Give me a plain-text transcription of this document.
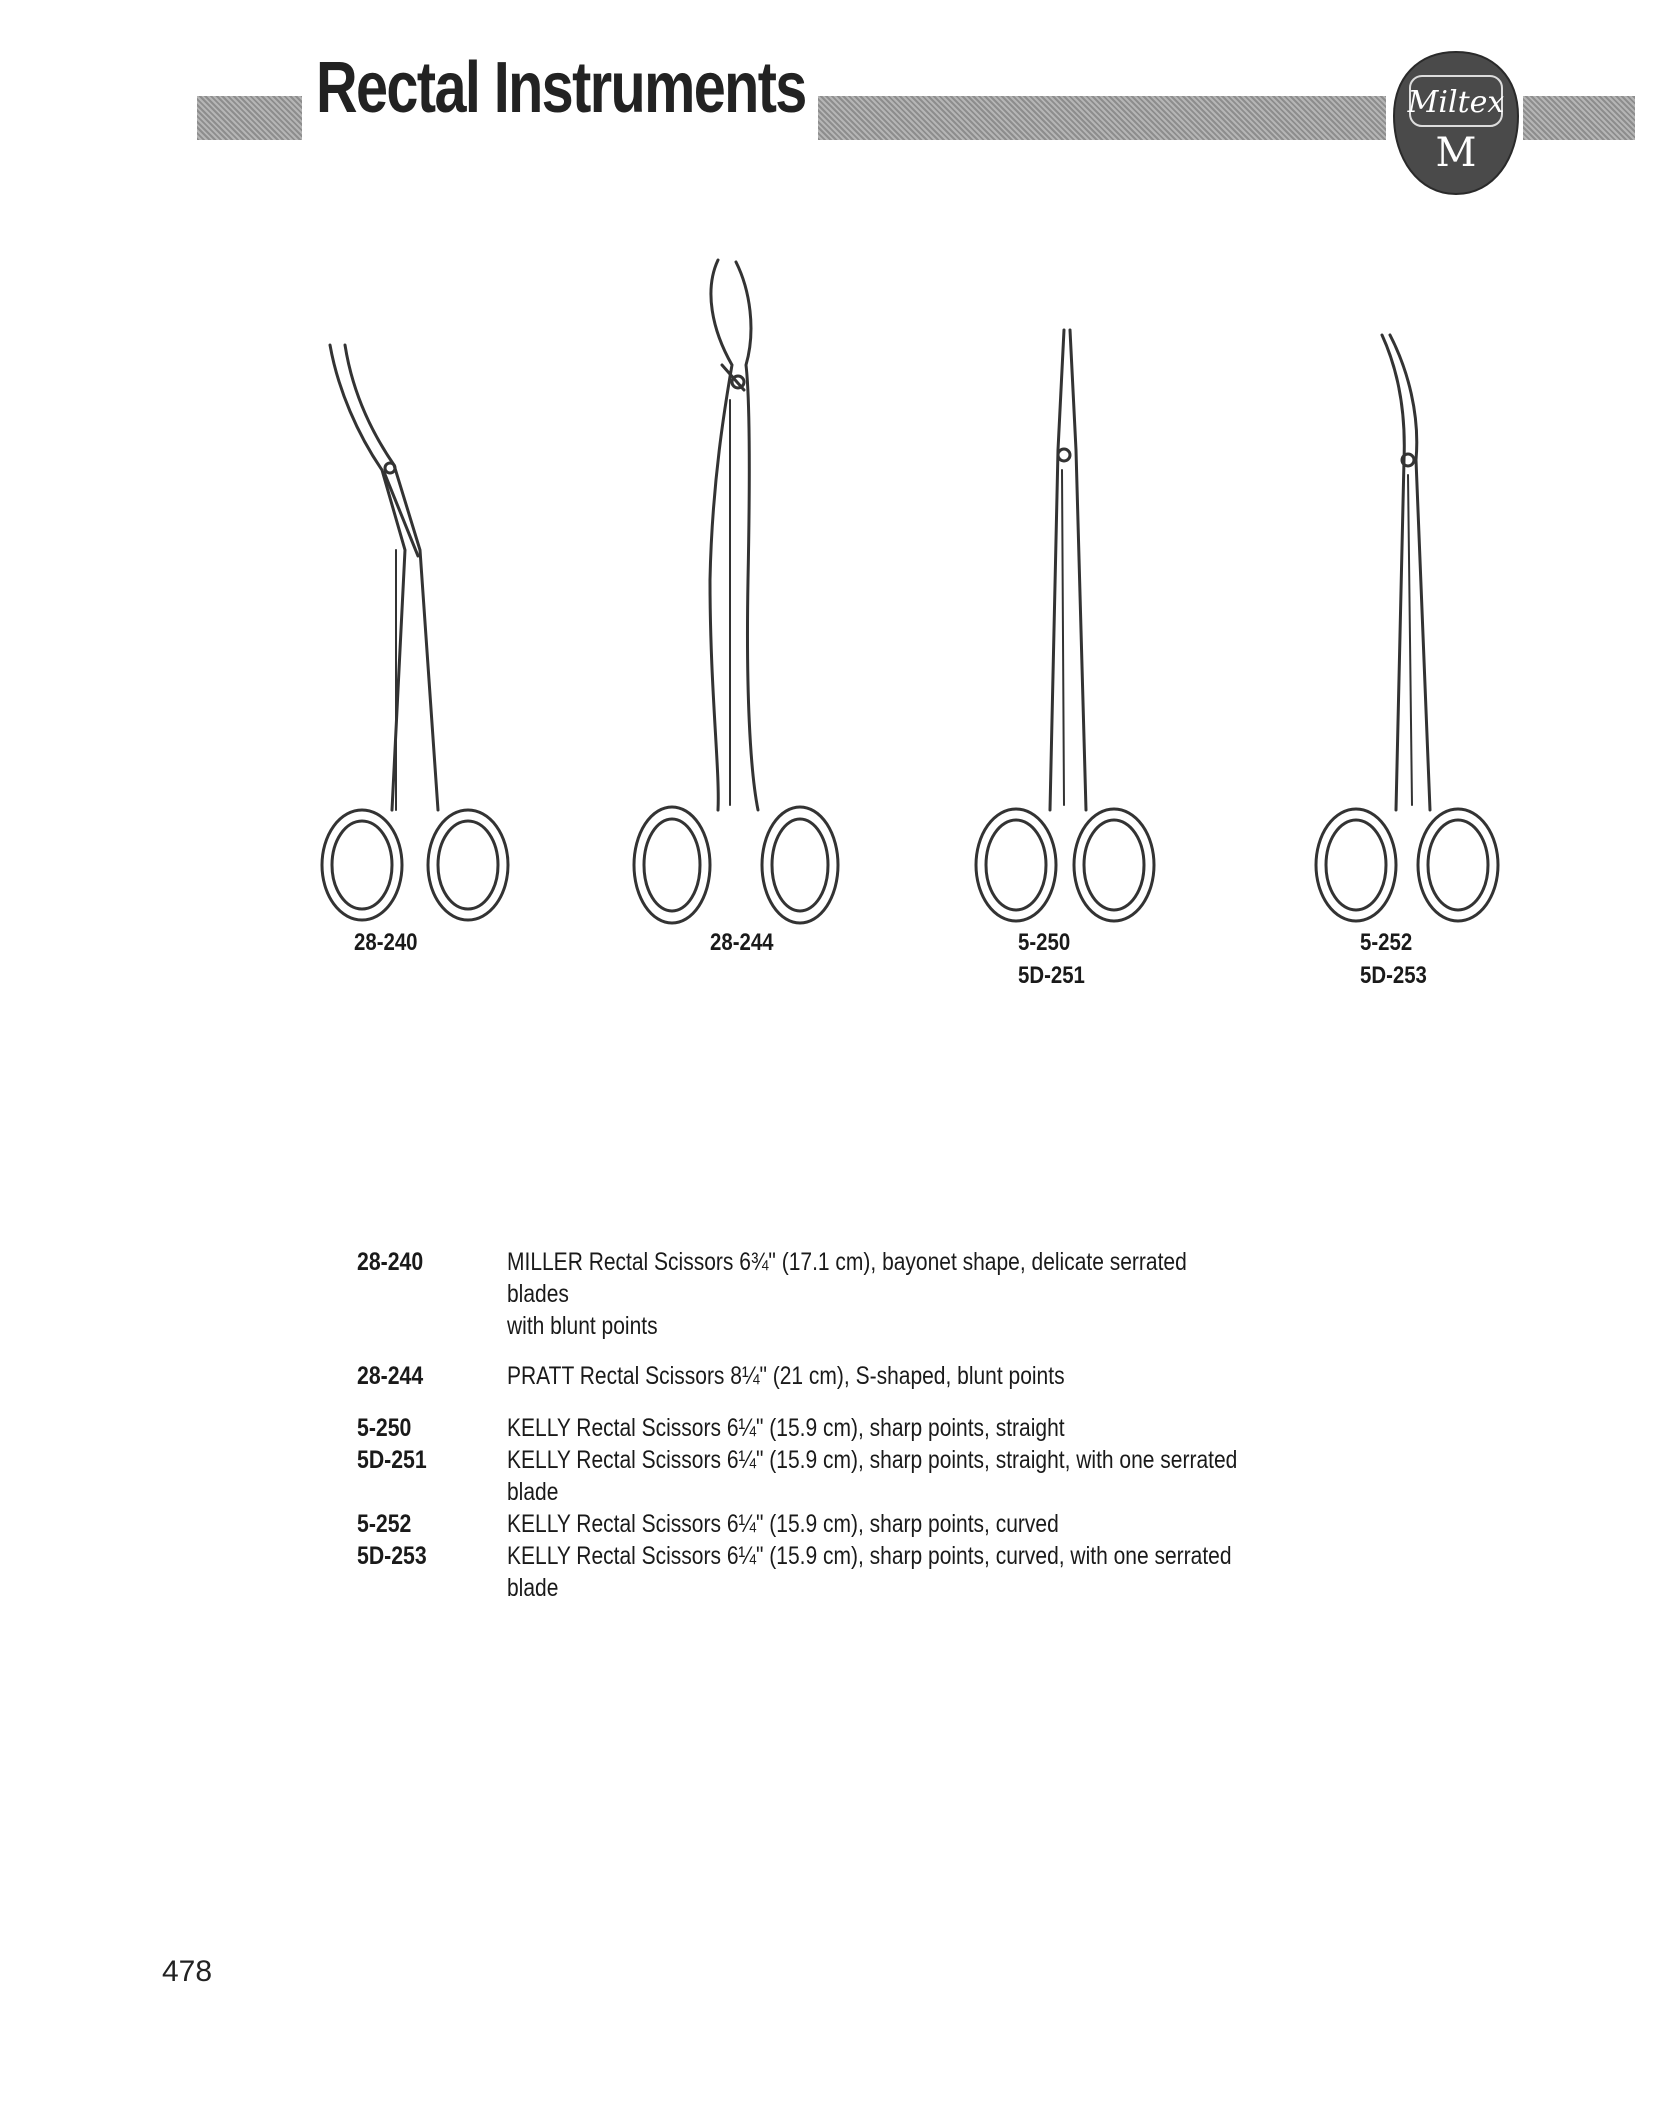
Rectal Instruments	Miltex
M
28-240	28-244	5-250
5D-251
5-252
5D-253
28-240	MILLER Rectal Scissors 6¾" (17.1 cm), bayonet shape, delicate serrated blades
with blunt points
28-244	PRATT Rectal Scissors 8¼" (21 cm), S-shaped, blunt points
5-250	KELLY Rectal Scissors 6¼" (15.9 cm), sharp points, straight
5D-251	KELLY Rectal Scissors 6¼" (15.9 cm), sharp points, straight, with one serrated blade
5-252	KELLY Rectal Scissors 6¼" (15.9 cm), sharp points, curved
5D-253	KELLY Rectal Scissors 6¼" (15.9 cm), sharp points, curved, with one serrated blade
478
